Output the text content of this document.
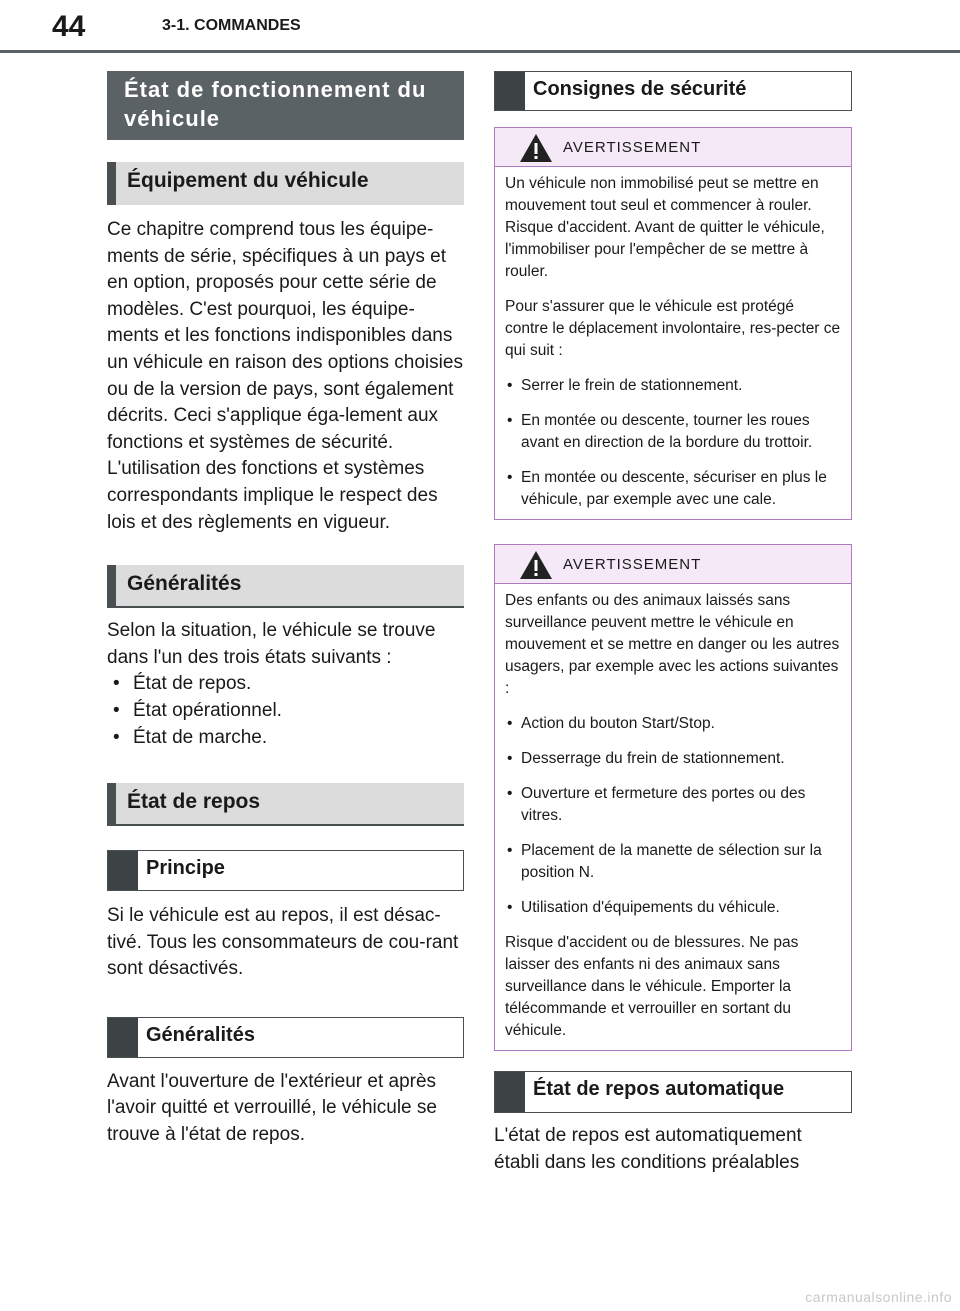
44	3-1. COMMANDES
État de fonctionnement du véhicule
Équipement du véhicule

Ce chapitre comprend tous les équipe-ments de série, spécifiques à un pays et en option, proposés pour cette série de modèles. C'est pourquoi, les équipe-ments et les fonctions indisponibles dans un véhicule en raison des options choisies ou de la version de pays, sont également décrits. Ceci s'applique éga-lement aux fonctions et systèmes de sécurité. L'utilisation des fonctions et systèmes correspondants implique le respect des lois et des règlements en vigueur.

Généralités

Selon la situation, le véhicule se trouve dans l'un des trois états suivants :

• État de repos.
• État opérationnel.
• État de marche.
État de repos
Principe

Si le véhicule est au repos, il est désac-tivé. Tous les consommateurs de cou-rant sont désactivés.

Généralités

Avant l'ouverture de l'extérieur et après l'avoir quitté et verrouillé, le véhicule se trouve à l'état de repos.

Consignes de sécurité
AVERTISSEMENT

Un véhicule non immobilisé peut se mettre en mouvement tout seul et commencer à rouler. Risque d'accident. Avant de quitter le véhicule, l'immobiliser pour l'empêcher de se mettre à rouler.

Pour s'assurer que le véhicule est protégé contre le déplacement involontaire, res-pecter ce qui suit :

• Serrer le frein de stationnement.
• En montée ou descente, tourner les roues avant en direction de la bordure du trottoir.
• En montée ou descente, sécuriser en plus le véhicule, par exemple avec une cale.
AVERTISSEMENT

Des enfants ou des animaux laissés sans surveillance peuvent mettre le véhicule en mouvement et se mettre en danger ou les autres usagers, par exemple avec les actions suivantes :

• Action du bouton Start/Stop.
• Desserrage du frein de stationnement.
• Ouverture et fermeture des portes ou des vitres.
• Placement de la manette de sélection sur la position N.
• Utilisation d'équipements du véhicule.

Risque d'accident ou de blessures. Ne pas laisser des enfants ni des animaux sans surveillance dans le véhicule. Emporter la télécommande et verrouiller en sortant du véhicule.

État de repos automatique

L'état de repos est automatiquement établi dans les conditions préalables

carmanualsonline.info
